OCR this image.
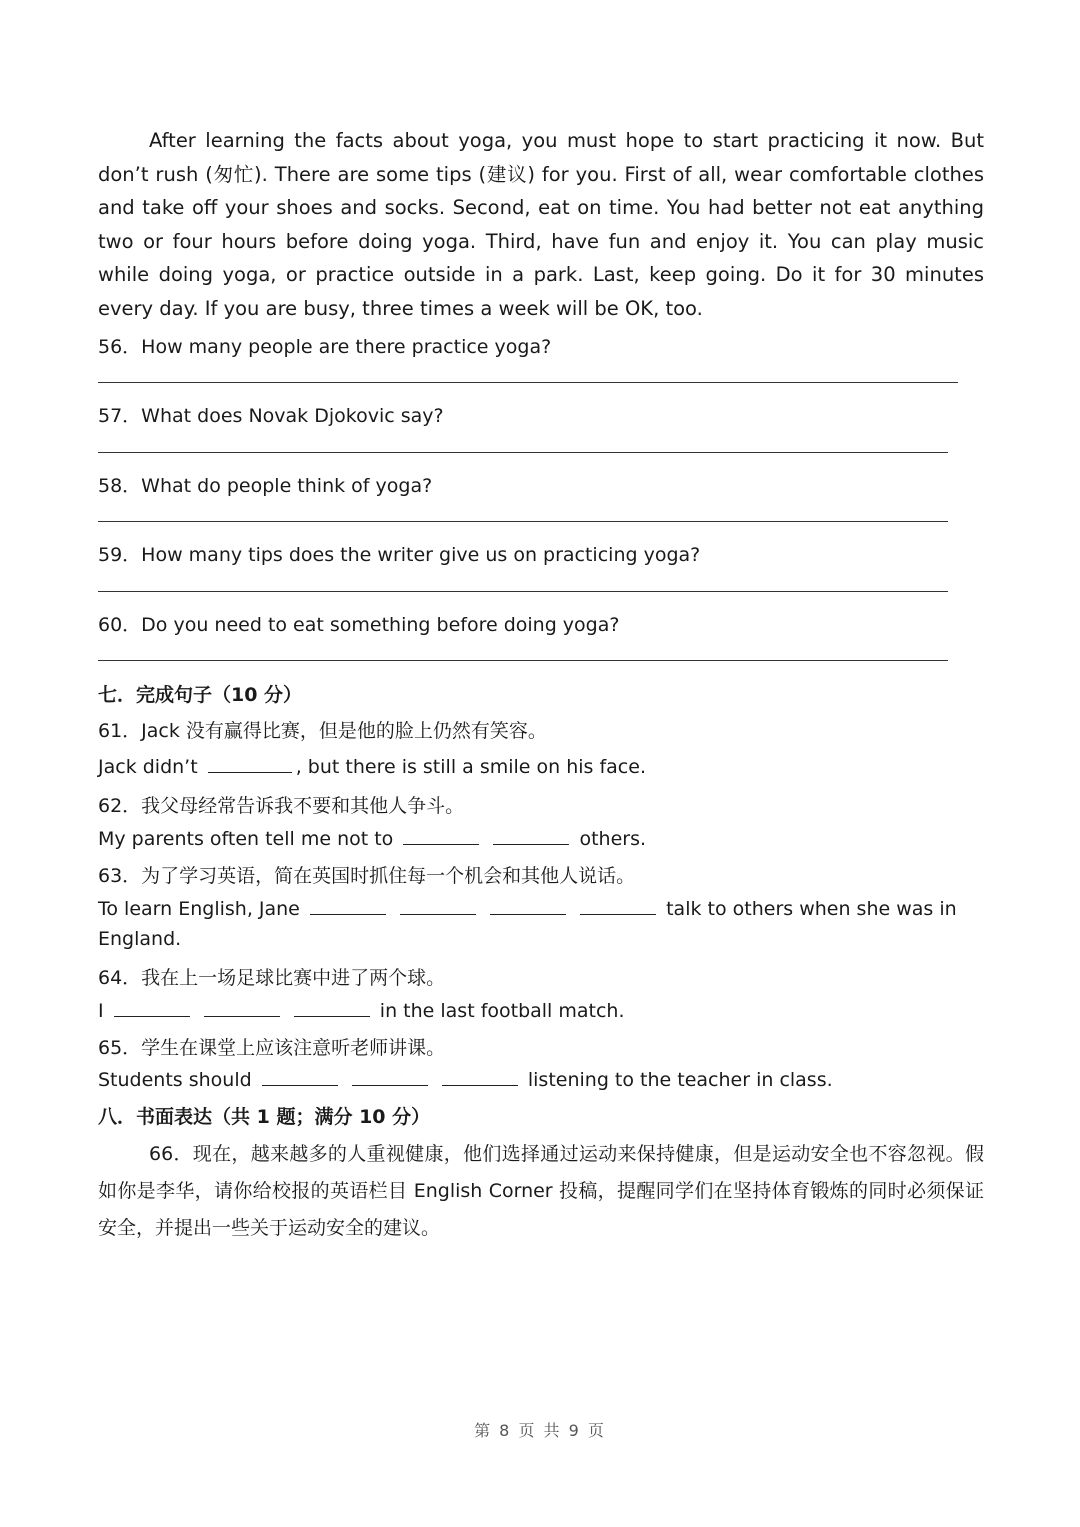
After learning the facts about yoga, you must hope to start practicing it now. But don’t rush (匆忙). There are some tips (建议) for you. First of all, wear comfortable clothes and take off your shoes and socks. Second, eat on time. You had better not eat anything two or four hours before doing yoga. Third, have fun and enjoy it. You can play music while doing yoga, or practice outside in a park. Last, keep going. Do it for 30 minutes every day. If you are busy, three times a week will be OK, too.
56．How many people are there practice yoga?
57．What does Novak Djokovic say?
58．What do people think of yoga?
59．How many tips does the writer give us on practicing yoga?
60．Do you need to eat something before doing yoga?
七．完成句子（10 分）
61．Jack 没有赢得比赛，但是他的脸上仍然有笑容。
Jack didn’t	, but there is still a smile on his face.
62．我父母经常告诉我不要和其他人争斗。
My parents often tell me not to	others.
63．为了学习英语，简在英国时抓住每一个机会和其他人说话。
To learn English, Jane	talk to others when she was in
England.
64．我在上一场足球比赛中进了两个球。
I	in the last football match.
65．学生在课堂上应该注意听老师讲课。
Students should	listening to the teacher in class.
八．书面表达（共 1 题；满分 10 分）
66．现在，越来越多的人重视健康，他们选择通过运动来保持健康，但是运动安全也不容忽视。假如你是李华，请你给校报的英语栏目 English Corner 投稿，提醒同学们在坚持体育锻炼的同时必须保证安全，并提出一些关于运动安全的建议。
第 8 页 共 9 页
